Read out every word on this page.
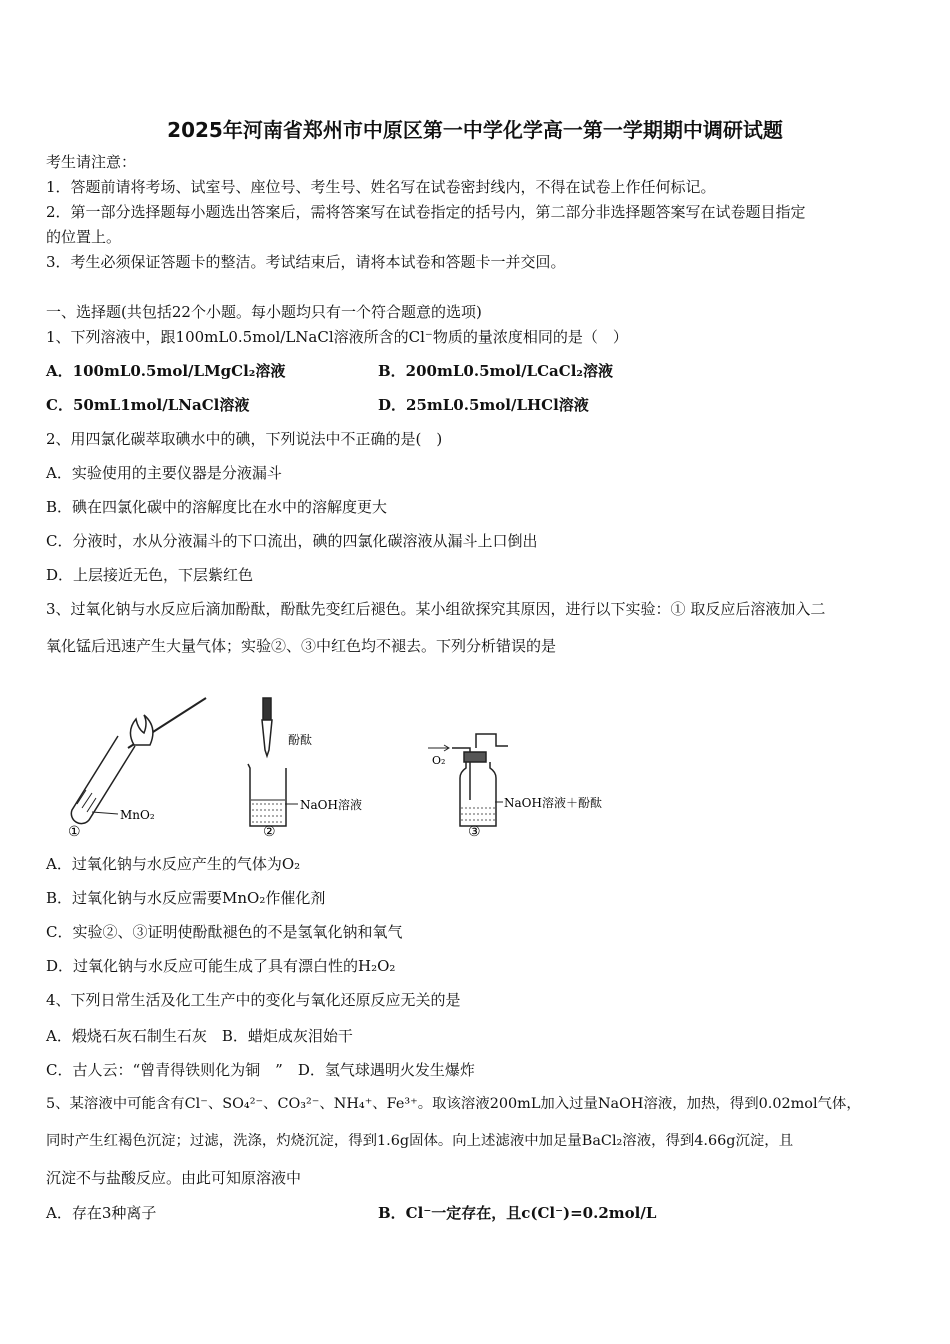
2025年河南省郑州市中原区第一中学化学高一第一学期期中调研试题
考生请注意：
1．答题前请将考场、试室号、座位号、考生号、姓名写在试卷密封线内，不得在试卷上作任何标记。
2．第一部分选择题每小题选出答案后，需将答案写在试卷指定的括号内，第二部分非选择题答案写在试卷题目指定
的位置上。
3．考生必须保证答题卡的整洁。考试结束后，请将本试卷和答题卡一并交回。
一、选择题(共包括22个小题。每小题均只有一个符合题意的选项)
1、下列溶液中，跟100mL0.5mol/LNaCl溶液所含的Cl⁻物质的量浓度相同的是（　）
A．100mL0.5mol/LMgCl₂溶液	B．200mL0.5mol/LCaCl₂溶液
C．50mL1mol/LNaCl溶液	D．25mL0.5mol/LHCl溶液
2、用四氯化碳萃取碘水中的碘，下列说法中不正确的是(　)
A．实验使用的主要仪器是分液漏斗
B．碘在四氯化碳中的溶解度比在水中的溶解度更大
C．分液时，水从分液漏斗的下口流出，碘的四氯化碳溶液从漏斗上口倒出
D．上层接近无色，下层紫红色
3、过氧化钠与水反应后滴加酚酞，酚酞先变红后褪色。某小组欲探究其原因，进行以下实验：① 取反应后溶液加入二
氧化锰后迅速产生大量气体；实验②、③中红色均不褪去。下列分析错误的是
MnO₂
①
酚酞
NaOH溶液
②
O₂
NaOH溶液＋酚酞
③
A．过氧化钠与水反应产生的气体为O₂
B．过氧化钠与水反应需要MnO₂作催化剂
C．实验②、③证明使酚酞褪色的不是氢氧化钠和氧气
D．过氧化钠与水反应可能生成了具有漂白性的H₂O₂
4、下列日常生活及化工生产中的变化与氧化还原反应无关的是
A．煅烧石灰石制生石灰　B．蜡炬成灰泪始干
C．古人云：“曾青得铁则化为铜　”　D．氢气球遇明火发生爆炸
5、某溶液中可能含有Cl⁻、SO₄²⁻、CO₃²⁻、NH₄⁺、Fe³⁺。取该溶液200mL加入过量NaOH溶液，加热，得到0.02mol气体，
同时产生红褐色沉淀；过滤，洗涤，灼烧沉淀，得到1.6g固体。向上述滤液中加足量BaCl₂溶液，得到4.66g沉淀，且
沉淀不与盐酸反应。由此可知原溶液中
A．存在3种离子	B．Cl⁻一定存在，且c(Cl⁻)=0.2mol/L
